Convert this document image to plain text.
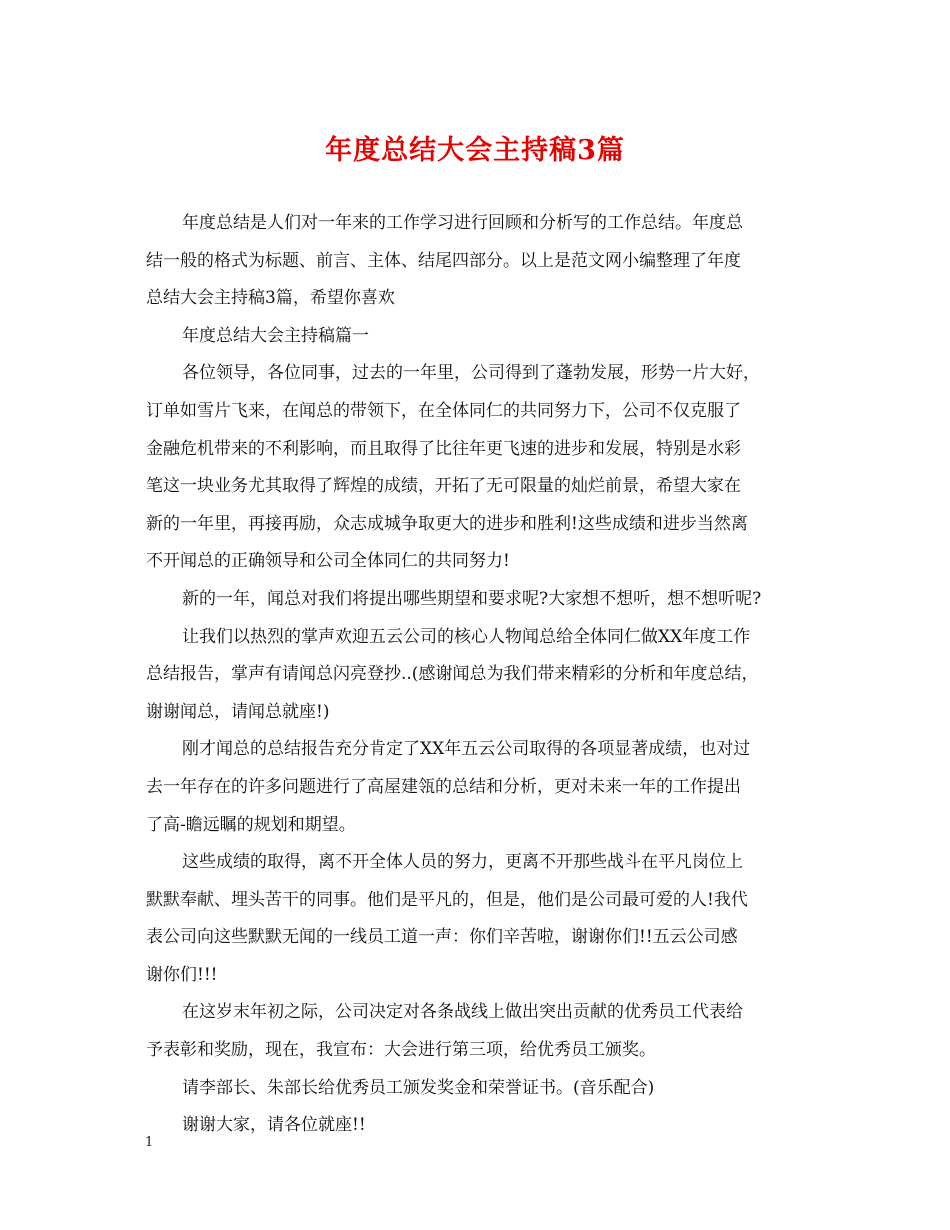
年度总结大会主持稿3篇
年度总结是人们对一年来的工作学习进行回顾和分析写的工作总结。年度总
结一般的格式为标题、前言、主体、结尾四部分。以上是范文网小编整理了年度
总结大会主持稿3篇，希望你喜欢
年度总结大会主持稿篇一
各位领导，各位同事，过去的一年里，公司得到了蓬勃发展，形势一片大好，
订单如雪片飞来，在闻总的带领下，在全体同仁的共同努力下，公司不仅克服了
金融危机带来的不利影响，而且取得了比往年更飞速的进步和发展，特别是水彩
笔这一块业务尤其取得了辉煌的成绩，开拓了无可限量的灿烂前景，希望大家在
新的一年里，再接再励，众志成城争取更大的进步和胜利!这些成绩和进步当然离
不开闻总的正确领导和公司全体同仁的共同努力!
新的一年，闻总对我们将提出哪些期望和要求呢?大家想不想听，想不想听呢?
让我们以热烈的掌声欢迎五云公司的核心人物闻总给全体同仁做XX年度工作
总结报告，掌声有请闻总闪亮登抄..(感谢闻总为我们带来精彩的分析和年度总结，
谢谢闻总，请闻总就座!)
刚才闻总的总结报告充分肯定了XX年五云公司取得的各项显著成绩，也对过
去一年存在的许多问题进行了高屋建瓴的总结和分析，更对未来一年的工作提出
了高-瞻远瞩的规划和期望。
这些成绩的取得，离不开全体人员的努力，更离不开那些战斗在平凡岗位上
默默奉献、埋头苦干的同事。他们是平凡的，但是，他们是公司最可爱的人!我代
表公司向这些默默无闻的一线员工道一声：你们辛苦啦，谢谢你们!!五云公司感
谢你们!!!
在这岁末年初之际，公司决定对各条战线上做出突出贡献的优秀员工代表给
予表彰和奖励，现在，我宣布：大会进行第三项，给优秀员工颁奖。
请李部长、朱部长给优秀员工颁发奖金和荣誉证书。(音乐配合)
谢谢大家，请各位就座!!
1
